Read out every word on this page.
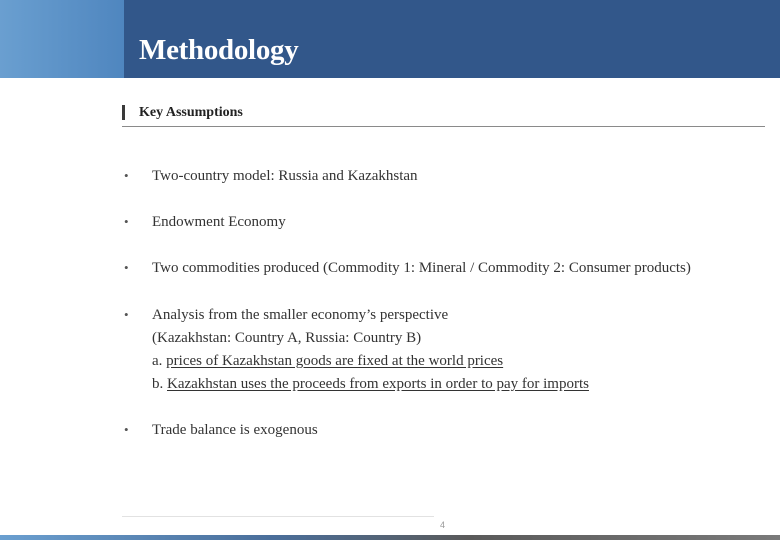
Methodology
Key Assumptions
• Two-country model: Russia and Kazakhstan
• Endowment Economy
• Two commodities produced (Commodity 1: Mineral / Commodity 2: Consumer products)
• Analysis from the smaller economy’s perspective
(Kazakhstan: Country A, Russia: Country B)
a. prices of Kazakhstan goods are fixed at the world prices
b. Kazakhstan uses the proceeds from exports in order to pay for imports
• Trade balance is exogenous
4
